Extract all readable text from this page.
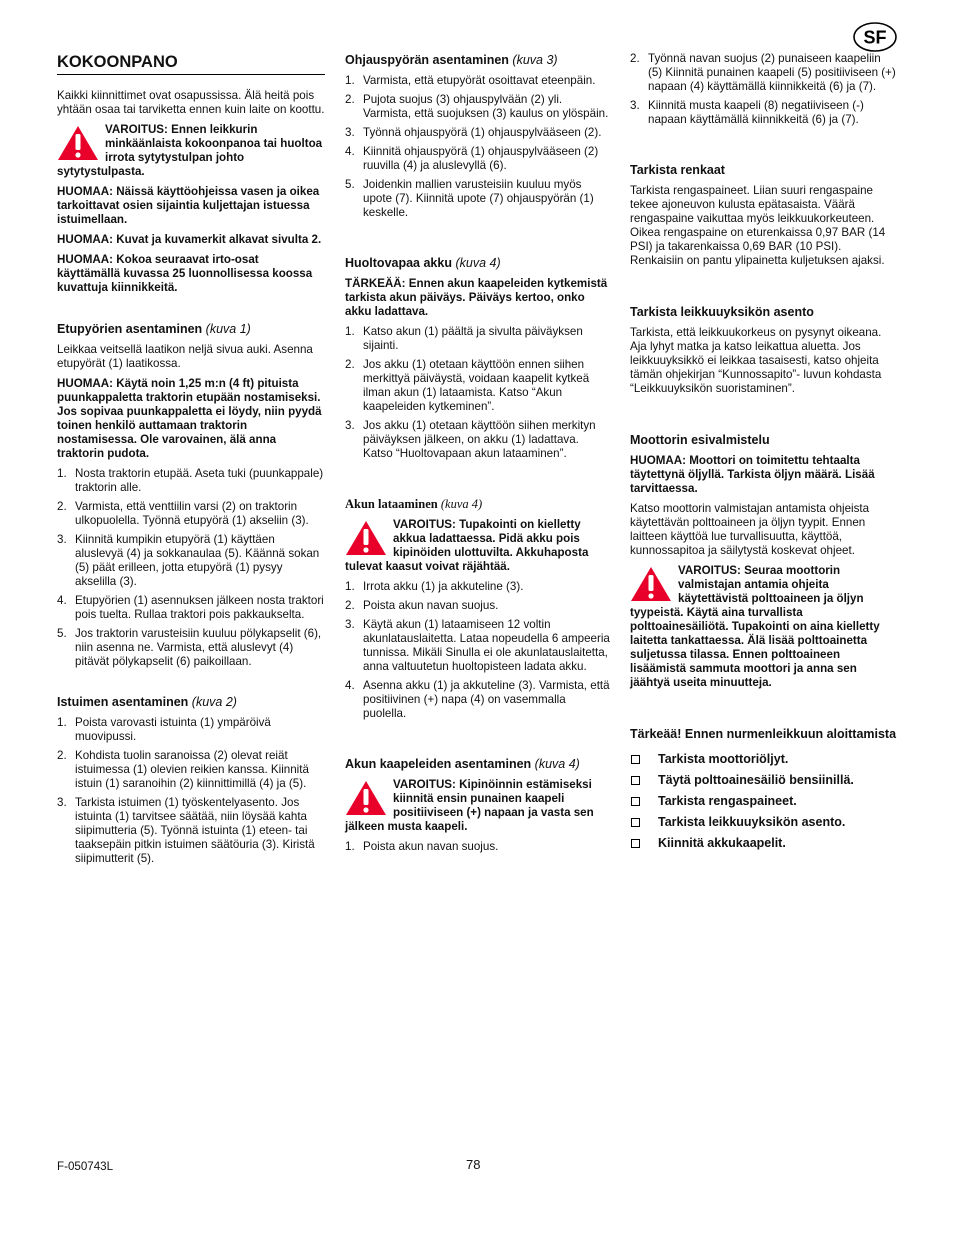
SF
KOKOONPANO

Kaikki kiinnittimet ovat osapussissa. Älä heitä pois yhtään osaa tai tarviketta ennen kuin laite on koottu.

VAROITUS: Ennen leikkurin minkäänlaista kokoonpanoa tai huoltoa irrota sytytystulpan johto sytytystulpasta.

HUOMAA: Näissä käyttöohjeissa vasen ja oikea tarkoittavat osien sijaintia kuljettajan istuessa istuimellaan.

HUOMAA: Kuvat ja kuvamerkit alkavat sivulta 2.

HUOMAA: Kokoa seuraavat irto-osat käyttämällä kuvassa 25 luonnollisessa koossa kuvattuja kiinnikkeitä.

Etupyörien asentaminen (kuva 1)

Leikkaa veitsellä laatikon neljä sivua auki. Asenna etupyörät (1) laatikossa.

HUOMAA: Käytä noin 1,25 m:n (4 ft) pituista puunkappaletta traktorin etupään nostamiseksi. Jos sopivaa puunkappaletta ei löydy, niin pyydä toinen henkilö auttamaan traktorin nostamisessa. Ole varovainen, älä anna traktorin pudota.

1. Nosta traktorin etupää. Aseta tuki (puunkappale) traktorin alle.
2. Varmista, että venttiilin varsi (2) on traktorin ulkopuolella. Työnnä etupyörä (1) akseliin (3).
3. Kiinnitä kumpikin etupyörä (1) käyttäen aluslevyä (4) ja sokkanaulaa (5). Käännä sokan (5) päät erilleen, jotta etupyörä (1) pysyy akselilla (3).
4. Etupyörien (1) asennuksen jälkeen nosta traktori pois tuelta. Rullaa traktori pois pakkaukselta.
5. Jos traktorin varusteisiin kuuluu pölykapselit (6), niin asenna ne. Varmista, että aluslevyt (4) pitävät pölykapselit (6) paikoillaan.
Istuimen asentaminen (kuva 2)
1. Poista varovasti istuinta (1) ympäröivä muovipussi.
2. Kohdista tuolin saranoissa (2) olevat reiät istuimessa (1) olevien reikien kanssa. Kiinnitä istuin (1) saranoihin (2) kiinnittimillä (4) ja (5).
3. Tarkista istuimen (1) työskentelyasento. Jos istuinta (1) tarvitsee säätää, niin löysää kahta siipimutteria (5). Työnnä istuinta (1) eteen- tai taaksepäin pitkin istuimen säätöuria (3). Kiristä siipimutterit (5).
Ohjauspyörän asentaminen (kuva 3)
1. Varmista, että etupyörät osoittavat eteenpäin.
2. Pujota suojus (3) ohjauspylvään (2) yli. Varmista, että suojuksen (3) kaulus on ylöspäin.
3. Työnnä ohjauspyörä (1) ohjauspylvääseen (2).
4. Kiinnitä ohjauspyörä (1) ohjauspylvääseen (2) ruuvilla (4) ja aluslevyllä (6).
5. Joidenkin mallien varusteisiin kuuluu myös upote (7). Kiinnitä upote (7) ohjauspyörän (1) keskelle.
Huoltovapaa akku (kuva 4)

TÄRKEÄÄ: Ennen akun kaapeleiden kytkemistä tarkista akun päiväys. Päiväys kertoo, onko akku ladattava.

1. Katso akun (1) päältä ja sivulta päiväyksen sijainti.
2. Jos akku (1) otetaan käyttöön ennen siihen merkittyä päiväystä, voidaan kaapelit kytkeä ilman akun (1) lataamista. Katso “Akun kaapeleiden kytkeminen”.
3. Jos akku (1) otetaan käyttöön siihen merkityn päiväyksen jälkeen, on akku (1) ladattava. Katso “Huoltovapaan akun lataaminen”.
Akun lataaminen (kuva 4)
VAROITUS: Tupakointi on kielletty akkua ladattaessa. Pidä akku pois kipinöiden ulottuvilta. Akkuhaposta tulevat kaasut voivat räjähtää.
1. Irrota akku (1) ja akkuteline (3).
2. Poista akun navan suojus.
3. Käytä akun (1) lataamiseen 12 voltin akunlatauslaitetta. Lataa nopeudella 6 ampeeria tunnissa. Mikäli Sinulla ei ole akunlatauslaitetta, anna valtuutetun huoltopisteen ladata akku.
4. Asenna akku (1) ja akkuteline (3). Varmista, että positiivinen (+) napa (4) on vasemmalla puolella.
Akun kaapeleiden asentaminen (kuva 4)
VAROITUS: Kipinöinnin estämiseksi kiinnitä ensin punainen kaapeli positiiviseen (+) napaan ja vasta sen jälkeen musta kaapeli.
1. Poista akun navan suojus.
2. Työnnä navan suojus (2) punaiseen kaapeliin (5) Kiinnitä punainen kaapeli (5) positiiviseen (+) napaan (4) käyttämällä kiinnikkeitä (6) ja (7).
3. Kiinnitä musta kaapeli (8) negatiiviseen (-) napaan käyttämällä kiinnikkeitä (6) ja (7).
Tarkista renkaat

Tarkista rengaspaineet. Liian suuri rengaspaine tekee ajoneuvon kulusta epätasaista. Väärä rengaspaine vaikuttaa myös leikkuukorkeuteen. Oikea rengaspaine on eturenkaissa 0,97 BAR (14 PSI) ja takarenkaissa 0,69 BAR (10 PSI). Renkaisiin on pantu ylipainetta kuljetuksen ajaksi.

Tarkista leikkuuyksikön asento

Tarkista, että leikkuukorkeus on pysynyt oikeana. Aja lyhyt matka ja katso leikattua aluetta. Jos leikkuuyksikkö ei leikkaa tasaisesti, katso ohjeita tämän ohjekirjan “Kunnossapito”- luvun kohdasta “Leikkuuyksikön suoristaminen”.

Moottorin esivalmistelu

HUOMAA: Moottori on toimitettu tehtaalta täytettynä öljyllä. Tarkista öljyn määrä. Lisää tarvittaessa.

Katso moottorin valmistajan antamista ohjeista käytettävän polttoaineen ja öljyn tyypit. Ennen laitteen käyttöä lue turvallisuutta, käyttöä, kunnossapitoa ja säilytystä koskevat ohjeet.

VAROITUS: Seuraa moottorin valmistajan antamia ohjeita käytettävistä polttoaineen ja öljyn tyypeistä. Käytä aina turvallista polttoainesäiliötä. Tupakointi on aina kielletty laitetta tankattaessa. Älä lisää polttoainetta suljetussa tilassa. Ennen polttoaineen lisäämistä sammuta moottori ja anna sen jäähtyä useita minuutteja.
Tärkeää! Ennen nurmenleikkuun aloittamista
Tarkista moottoriöljyt.
Täytä polttoainesäiliö bensiinillä.
Tarkista rengaspaineet.
Tarkista leikkuuyksikön asento.
Kiinnitä akkukaapelit.
F-050743L	78
